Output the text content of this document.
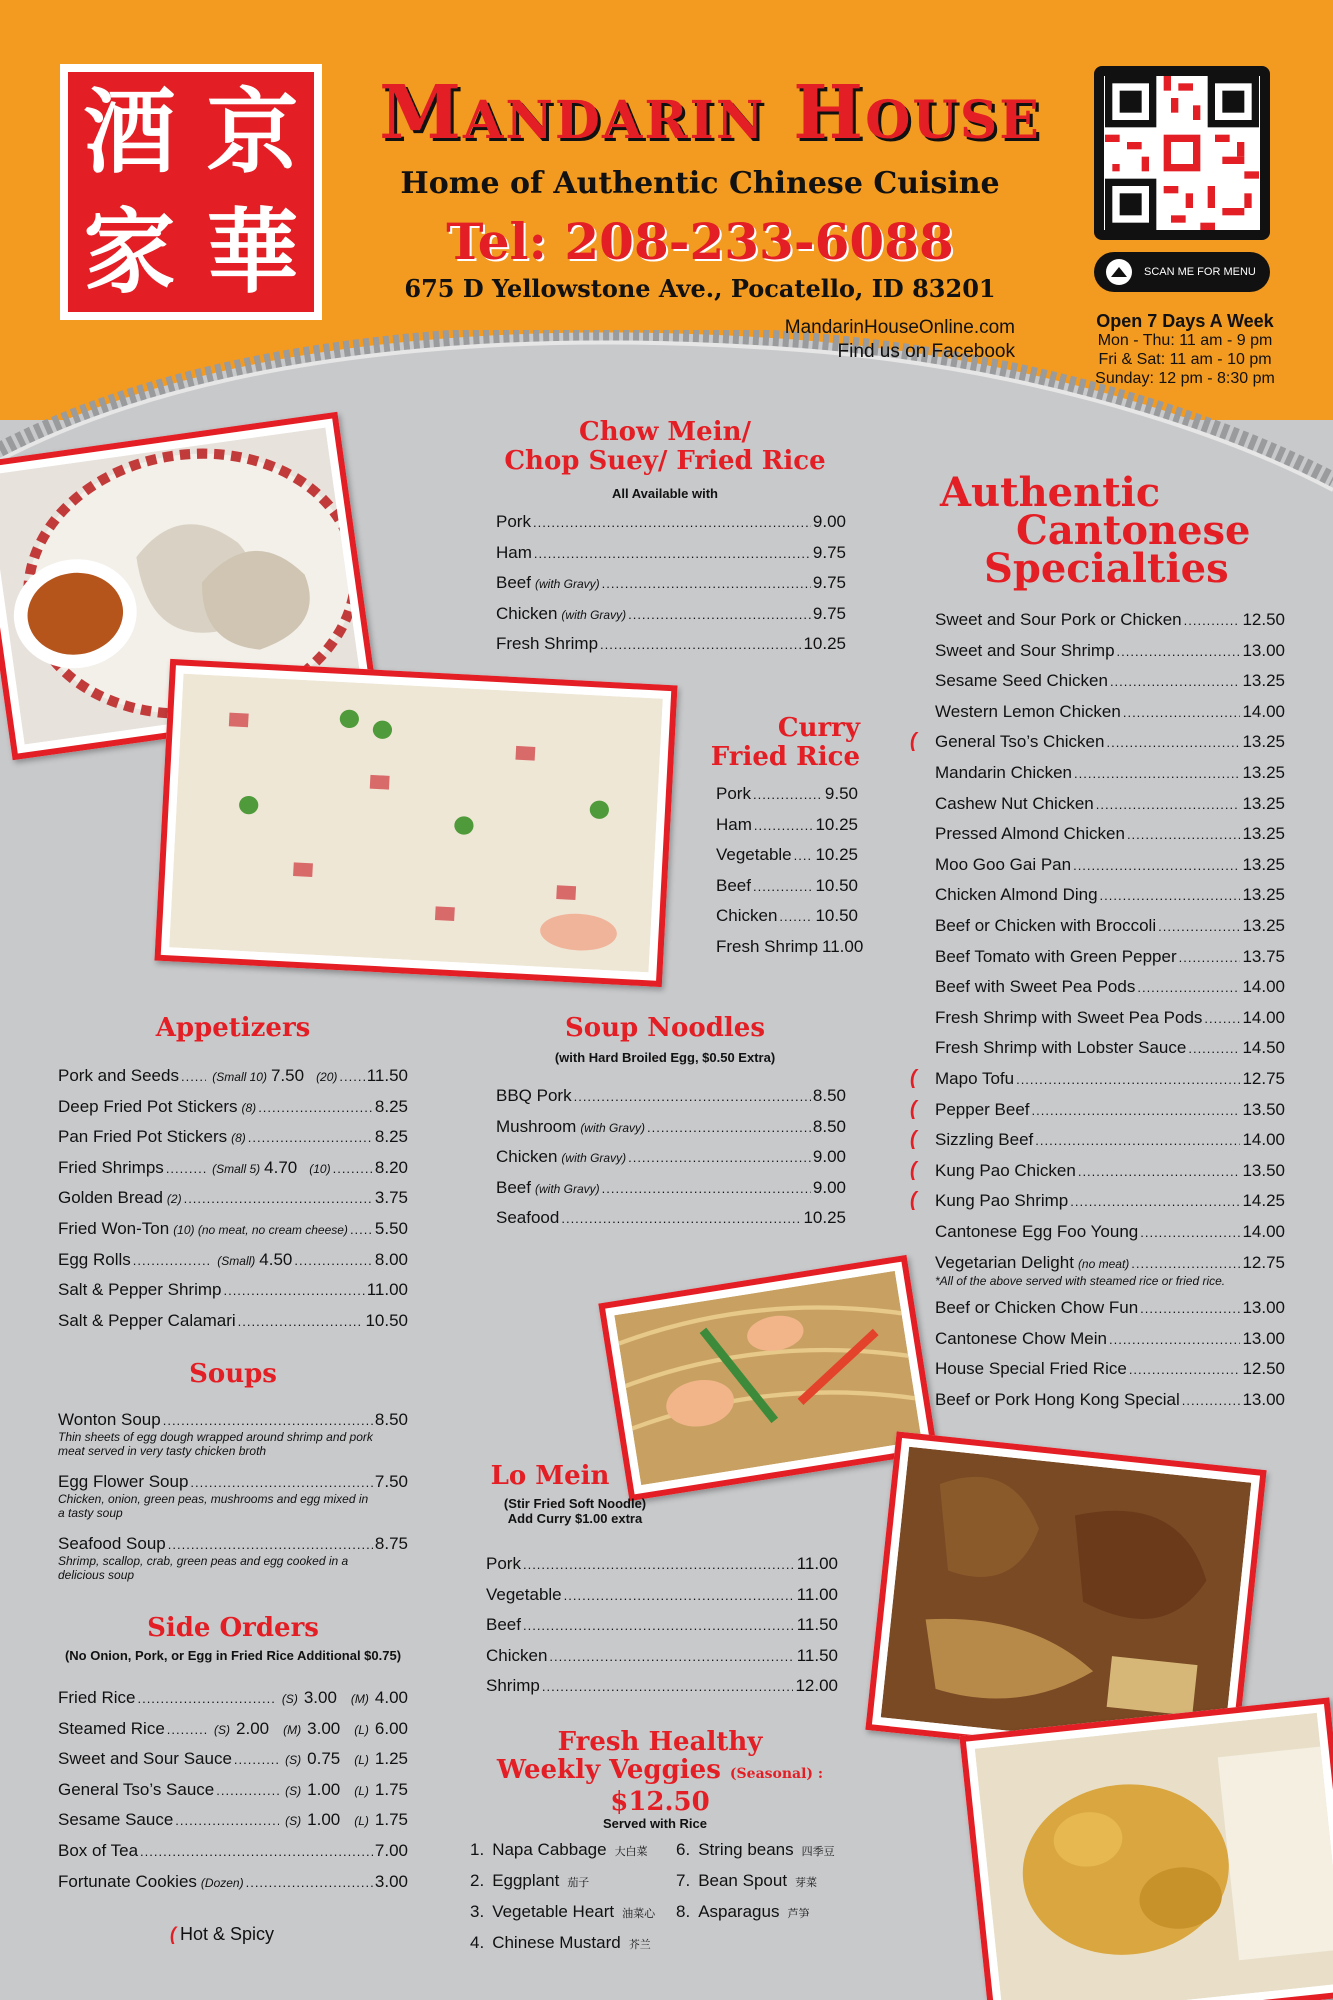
酒 京
家 華
Mandarin House
Home of Authentic Chinese Cuisine
Tel: 208-233-6088
675 D Yellowstone Ave., Pocatello, ID 83201
MandarinHouseOnline.com
Find us on Facebook
SCAN ME FOR MENU
Open 7 Days A Week
Mon - Thu: 11 am - 9 pm
Fri & Sat: 11 am - 10 pm
Sunday: 12 pm - 8:30 pm
Chow Mein/
Chop Suey/ Fried Rice
All Available with
Curry
Fried Rice
Authentic
Cantonese
Specialties
*All of the above served with steamed rice or fried rice.
Appetizers
Soups
Side Orders
(No Onion, Pork, or Egg in Fried Rice Additional $0.75)
Soup Noodles
(with Hard Broiled Egg, $0.50 Extra)
Lo Mein
(Stir Fried Soft Noodle)
Add Curry $1.00 extra
Fresh Healthy
Weekly Veggies (Seasonal) :
$12.50
Served with Rice
( Hot & Spicy
Pork .....	9.00
Ham .....	9.75
Beef (with Gravy) .....	9.75
Chicken (with Gravy) .....	9.75
Fresh Shrimp .....	10.25
Pork .....	9.50
Ham .....	10.25
Vegetable ..... 10.25
Beef .....	10.50
Chicken ..... 10.50
Fresh Shrimp 11.00
Sweet and Sour Pork or Chicken .....	12.50
Sweet and Sour Shrimp .....	13.00
Sesame Seed Chicken .....	13.25
Western Lemon Chicken .....	14.00
General Tso’s Chicken .....	13.25
(
Mandarin Chicken .....	13.25
Cashew Nut Chicken .....	13.25
Pressed Almond Chicken .....	13.25
Moo Goo Gai Pan .....	13.25
Chicken Almond Ding .....	13.25
Beef or Chicken with Broccoli .....	13.25
Beef Tomato with Green Pepper .....	13.75
Beef with Sweet Pea Pods .....	14.00
Fresh Shrimp with Sweet Pea Pods ..... 14.00
Fresh Shrimp with Lobster Sauce .....	14.50
Mapo Tofu .....	12.75
(
Pepper Beef .....	13.50
(
Sizzling Beef .....	14.00
(
Kung Pao Chicken .....	13.50
(
Kung Pao Shrimp .....	14.25
(
Cantonese Egg Foo Young .....	14.00
Vegetarian Delight (no meat) .....	12.75
Beef or Chicken Chow Fun .....	13.00
Cantonese Chow Mein .....	13.00
House Special Fried Rice .....	12.50
Beef or Pork Hong Kong Special .....	13.00
Pork and Seeds .....	(Small 10) 7.50 (20) ..... 11.50
Deep Fried Pot Stickers (8) .....	8.25
Pan Fried Pot Stickers (8) .....	8.25
Fried Shrimps .....	(Small 5) 4.70 (10) .....	8.20
Golden Bread (2) .....	3.75
Fried Won-Ton (10) (no meat, no cream cheese) ..... 5.50
Egg Rolls .....	(Small) 4.50 .....	8.00
Salt & Pepper Shrimp .....	11.00
Salt & Pepper Calamari .....	10.50
Wonton Soup .....	8.50
Thin sheets of egg dough wrapped around shrimp and pork meat served in very tasty chicken broth
Egg Flower Soup .....	7.50
Chicken, onion, green peas, mushrooms and egg mixed in a tasty soup
Seafood Soup .....	8.75
Shrimp, scallop, crab, green peas and egg cooked in a delicious soup
Fried Rice .....	(S) 3.00 (M) 4.00
Steamed Rice .....	(S) 2.00 (M) 3.00 (L) 6.00
Sweet and Sour Sauce .....	(S) 0.75 (L) 1.25
General Tso’s Sauce .....	(S) 1.00 (L) 1.75
Sesame Sauce .....	(S) 1.00 (L) 1.75
Box of Tea .....	7.00
Fortunate Cookies (Dozen) .....	3.00
BBQ Pork .....	8.50
Mushroom (with Gravy) .....	8.50
Chicken (with Gravy) .....	9.00
Beef (with Gravy) .....	9.00
Seafood .....	10.25
Pork .....	11.00
Vegetable .....	11.00
Beef .....	11.50
Chicken .....	11.50
Shrimp .....	12.00
1. Napa Cabbage 大白菜
2. Eggplant 茄子
3. Vegetable Heart 油菜心
4. Chinese Mustard 芥兰
6. String beans 四季豆
7. Bean Spout 芽菜
8. Asparagus 芦笋
